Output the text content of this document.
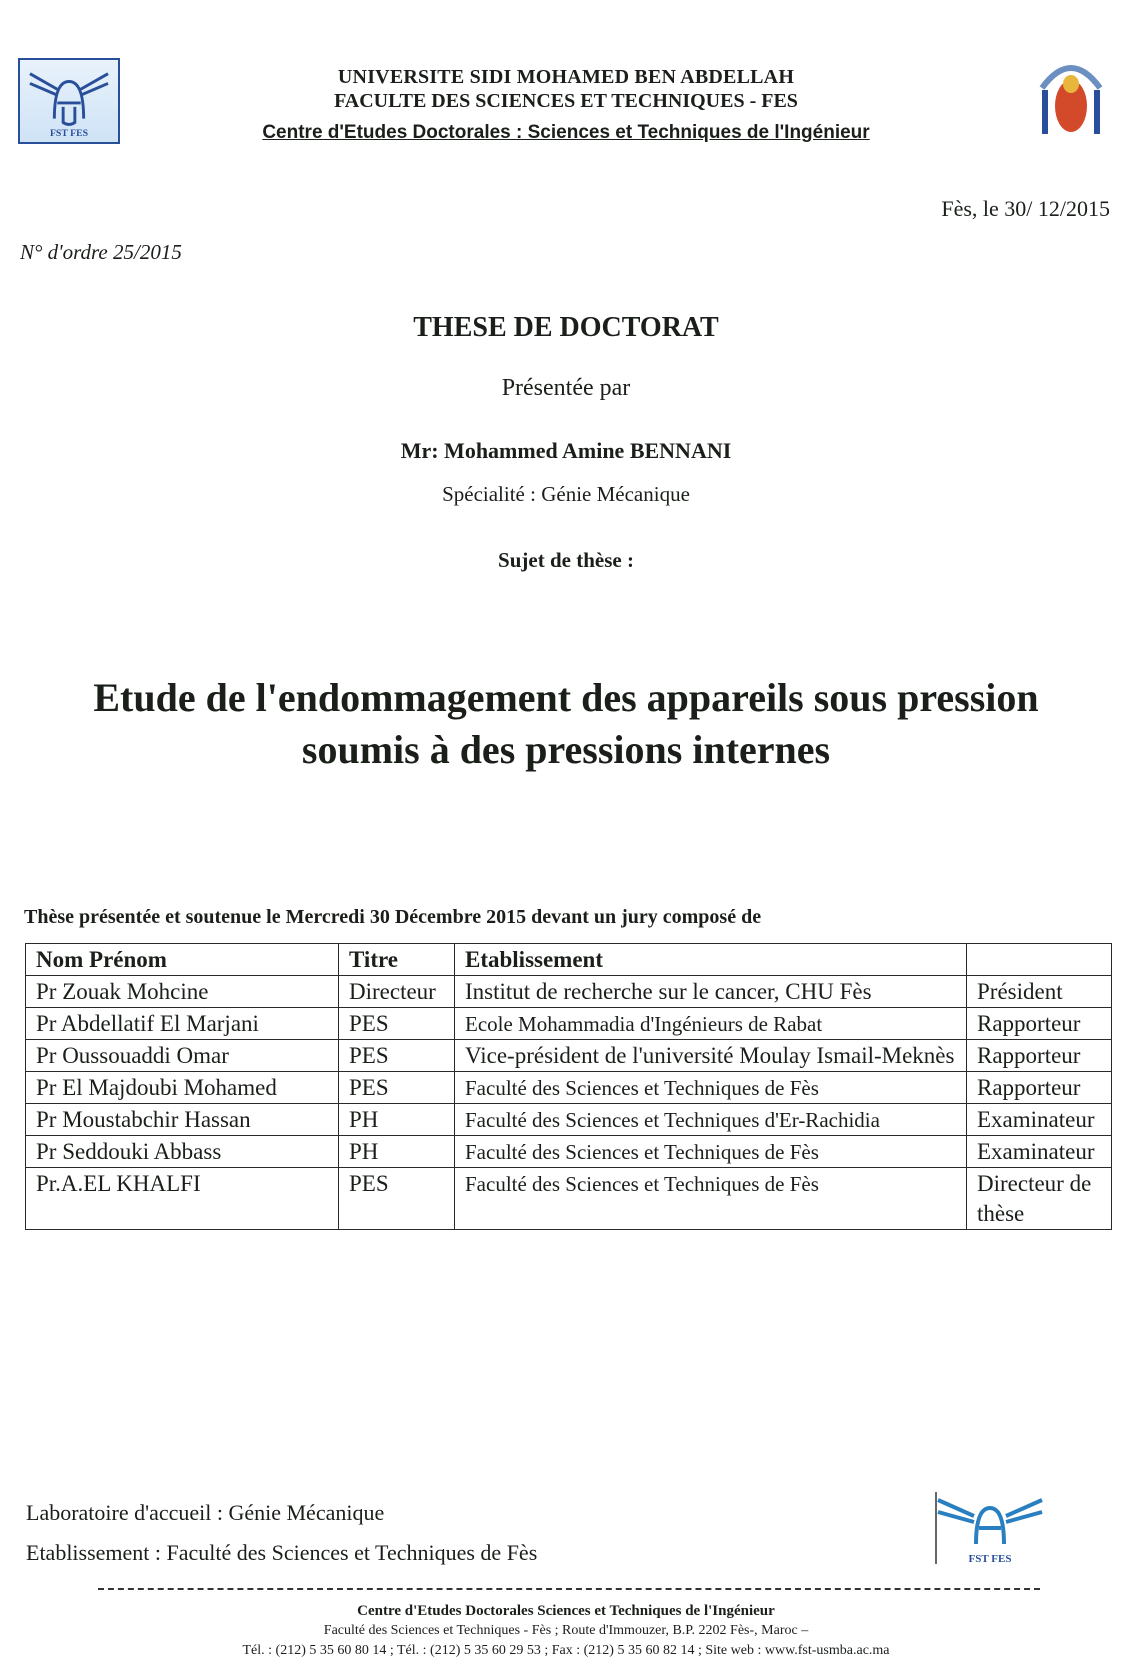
FST FES
UNIVERSITE SIDI MOHAMED BEN ABDELLAH
FACULTE DES SCIENCES ET TECHNIQUES - FES
Centre d'Etudes Doctorales : Sciences et Techniques de l'Ingénieur
Fès, le 30/ 12/2015
N° d'ordre 25/2015
THESE DE DOCTORAT
Présentée par
Mr: Mohammed Amine BENNANI
Spécialité : Génie Mécanique
Sujet de thèse :
Etude de l'endommagement des appareils sous pression
soumis à des pressions internes
Thèse présentée et soutenue le Mercredi 30 Décembre 2015 devant un jury composé de
Nom Prénom	Titre	Etablissement	
Pr Zouak Mohcine	Directeur	Institut de recherche sur le cancer, CHU Fès	Président
Pr Abdellatif El Marjani	PES	Ecole Mohammadia d'Ingénieurs de Rabat	Rapporteur
Pr Oussouaddi Omar	PES	Vice-président de l'université Moulay Ismail-Meknès	Rapporteur
Pr El Majdoubi Mohamed	PES	Faculté des Sciences et Techniques de Fès	Rapporteur
Pr Moustabchir Hassan	PH	Faculté des Sciences et Techniques d'Er-Rachidia	Examinateur
Pr Seddouki Abbass	PH	Faculté des Sciences et Techniques de Fès	Examinateur
Pr.A.EL KHALFI	PES	Faculté des Sciences et Techniques de Fès	Directeur de thèse
Laboratoire d'accueil : Génie Mécanique
Etablissement : Faculté des Sciences et Techniques de Fès	FST FES
Centre d'Etudes Doctorales Sciences et Techniques de l'Ingénieur
Faculté des Sciences et Techniques - Fès ; Route d'Immouzer, B.P. 2202 Fès-, Maroc –
Tél. : (212) 5 35 60 80 14 ; Tél. : (212) 5 35 60 29 53 ; Fax : (212) 5 35 60 82 14 ; Site web : www.fst-usmba.ac.ma
